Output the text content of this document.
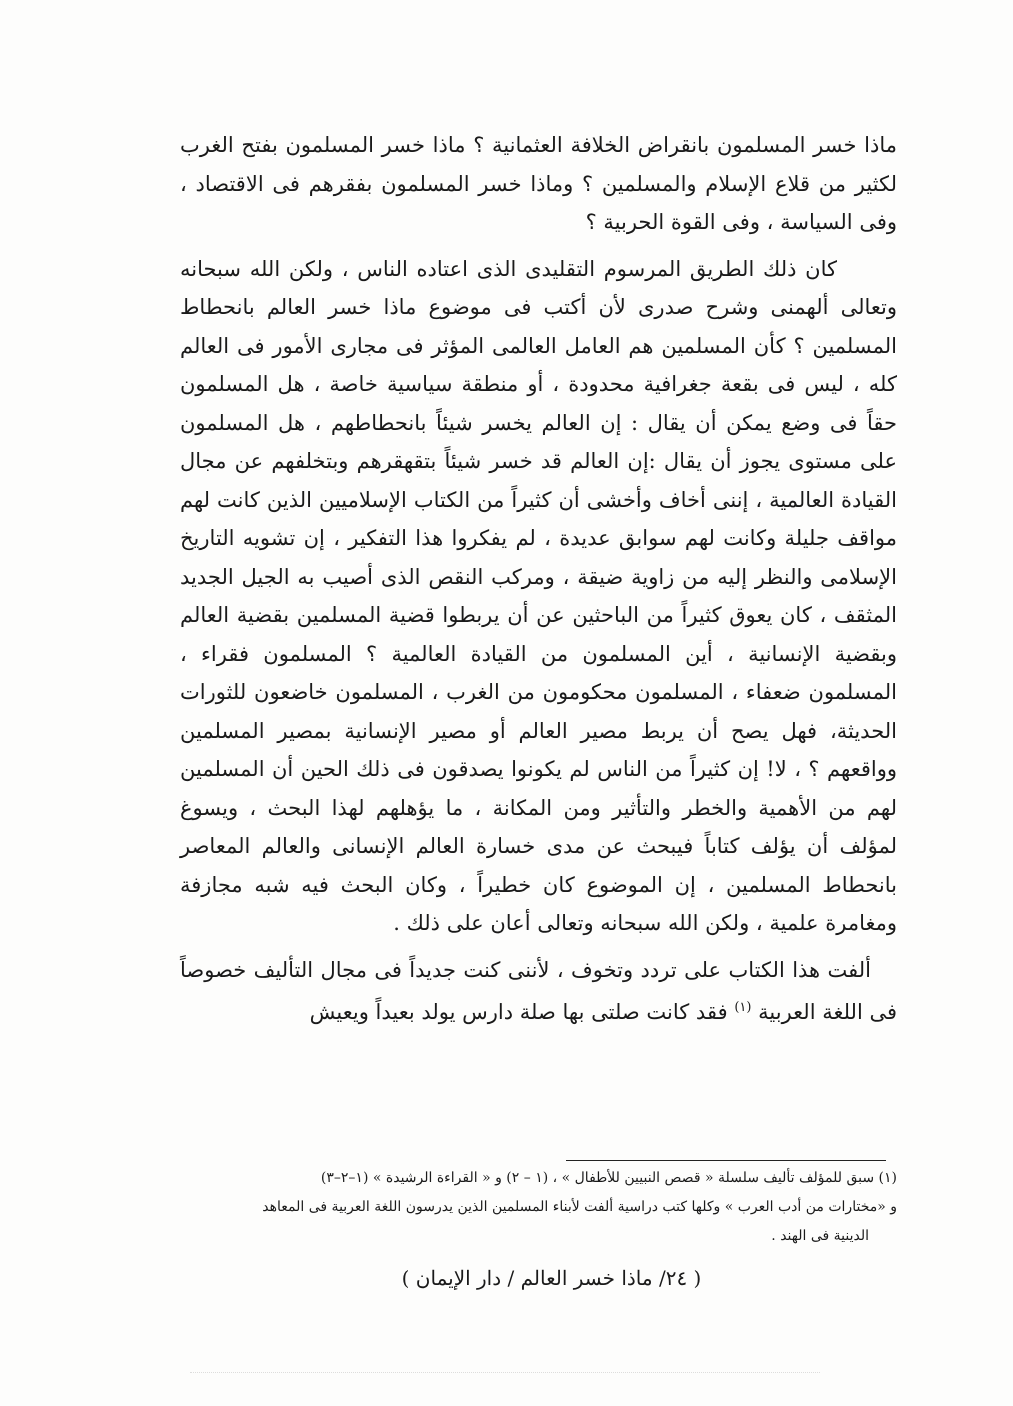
ماذا خسر المسلمون بانقراض الخلافة العثمانية ؟ ماذا خسر المسلمون بفتح الغرب لكثير من قلاع الإسلام والمسلمين ؟ وماذا خسر المسلمون بفقرهم فى الاقتصاد ، وفى السياسة ، وفى القوة الحربية ؟

كان ذلك الطريق المرسوم التقليدى الذى اعتاده الناس ، ولكن الله سبحانه وتعالى ألهمنى وشرح صدرى لأن أكتب فى موضوع ماذا خسر العالم بانحطاط المسلمين ؟ كأن المسلمين هم العامل العالمى المؤثر فى مجارى الأمور فى العالم كله ، ليس فى بقعة جغرافية محدودة ، أو منطقة سياسية خاصة ، هل المسلمون حقاً فى وضع يمكن أن يقال : إن العالم يخسر شيئاً بانحطاطهم ، هل المسلمون على مستوى يجوز أن يقال :إن العالم قد خسر شيئاً بتقهقرهم وبتخلفهم عن مجال القيادة العالمية ، إننى أخاف وأخشى أن كثيراً من الكتاب الإسلاميين الذين كانت لهم مواقف جليلة وكانت لهم سوابق عديدة ، لم يفكروا هذا التفكير ، إن تشويه التاريخ الإسلامى والنظر إليه من زاوية ضيقة ، ومركب النقص الذى أصيب به الجيل الجديد المثقف ، كان يعوق كثيراً من الباحثين عن أن يربطوا قضية المسلمين بقضية العالم وبقضية الإنسانية ، أين المسلمون من القيادة العالمية ؟ المسلمون فقراء ، المسلمون ضعفاء ، المسلمون محكومون من الغرب ، المسلمون خاضعون للثورات الحديثة، فهل يصح أن يربط مصير العالم أو مصير الإنسانية بمصير المسلمين وواقعهم ؟ ، لا! إن كثيراً من الناس لم يكونوا يصدقون فى ذلك الحين أن المسلمين لهم من الأهمية والخطر والتأثير ومن المكانة ، ما يؤهلهم لهذا البحث ، ويسوغ لمؤلف أن يؤلف كتاباً فيبحث عن مدى خسارة العالم الإنسانى والعالم المعاصر بانحطاط المسلمين ، إن الموضوع كان خطيراً ، وكان البحث فيه شبه مجازفة ومغامرة علمية ، ولكن الله سبحانه وتعالى أعان على ذلك .

ألفت هذا الكتاب على تردد وتخوف ، لأننى كنت جديداً فى مجال التأليف خصوصاً فى اللغة العربية $^{(١)}$ فقد كانت صلتى بها صلة دارس يولد بعيداً ويعيش

(١) سبق للمؤلف تأليف سلسلة « قصص النبيين للأطفال » ، (١ – ٢) و « القراءة الرشيدة » (١–٢–٣)

و «مختارات من أدب العرب » وكلها كتب دراسية ألفت لأبناء المسلمين الذين يدرسون اللغة العربية فى المعاهد

الدينية فى الهند .

( ٢٤/ ماذا خسر العالم / دار الإيمان )
